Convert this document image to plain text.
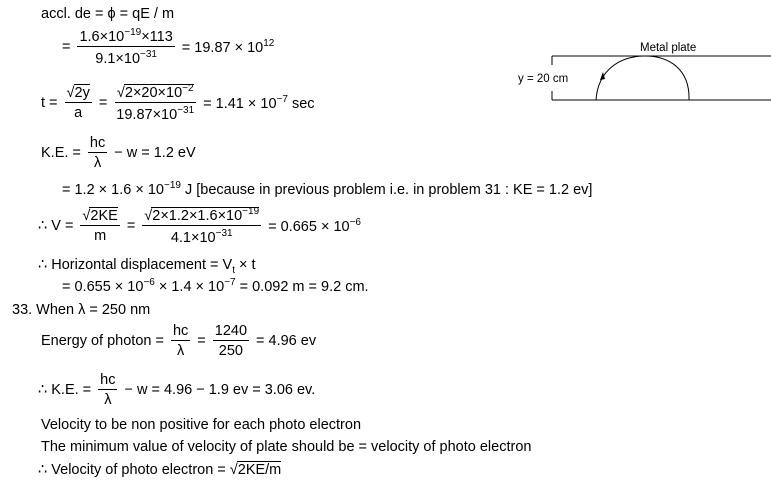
accl. de = ϕ = qE / m
= $\frac{1.6\times 10^{-19}\times 113}{9.1\times 10^{-31}} = 19.87 \times 10^{12}$
$t = \frac{√2y}{a} = \frac{√2\times 20\times 10^{-2}}{19.87\times 10^{-31}} = 1.41 \times 10^{-7}$ sec
K.E. = $\frac{hc}{\lambda} - w = 1.2$ eV
= $1.2 \times 1.6 \times 10^{-19}$ J [because in previous problem i.e. in problem 31 : KE = 1.2 ev]
∴ $V = \frac{√2KE}{m} = \frac{√2\times 1.2\times 1.6\times 10^{-19}}{4.1\times 10^{-31}} = 0.665 \times 10^{-6}$
∴ Horizontal displacement = $V_t \times t$
= $0.655 \times 10^{-6} \times 1.4 \times 10^{-7} = 0.092$ m = 9.2 cm.
33. When λ = 250 nm
Energy of photon = $\frac{hc}{\lambda} = \frac{1240}{250} = 4.96$ ev
∴ K.E. = $\frac{hc}{\lambda} - w = 4.96 - 1.9$ ev = 3.06 ev.
Velocity to be non positive for each photo electron
The minimum value of velocity of plate should be = velocity of photo electron
∴ Velocity of photo electron = √2KE/m
Metal plate
y = 20 cm
